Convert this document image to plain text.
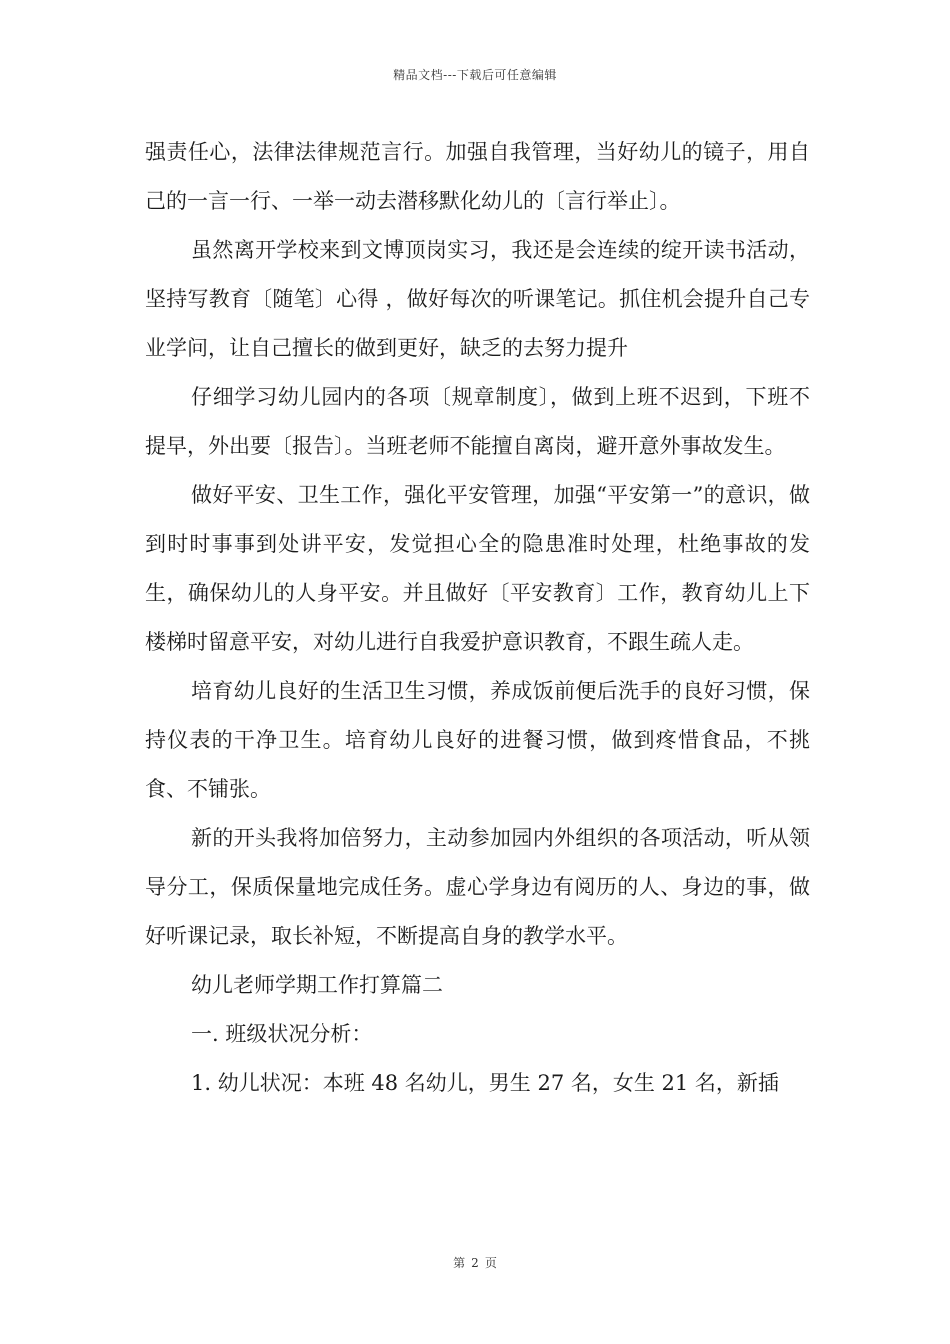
精品文档---下载后可任意编辑

强责任心，法律法律规范言行。加强自我管理，当好幼儿的镜子，用自己的一言一行、一举一动去潜移默化幼儿的〔言行举止〕。

虽然离开学校来到文博顶岗实习，我还是会连续的绽开读书活动，坚持写教育〔随笔〕心得 ，做好每次的听课笔记。抓住机会提升自己专业学问，让自己擅长的做到更好，缺乏的去努力提升

仔细学习幼儿园内的各项〔规章制度〕，做到上班不迟到，下班不提早，外出要〔报告〕。当班老师不能擅自离岗，避开意外事故发生。

做好平安、卫生工作，强化平安管理，加强“平安第一”的意识，做到时时事事到处讲平安，发觉担心全的隐患准时处理，杜绝事故的发生，确保幼儿的人身平安。并且做好〔平安教育〕工作，教育幼儿上下楼梯时留意平安，对幼儿进行自我爱护意识教育，不跟生疏人走。

培育幼儿良好的生活卫生习惯，养成饭前便后洗手的良好习惯，保持仪表的干净卫生。培育幼儿良好的进餐习惯，做到疼惜食品，不挑食、不铺张。

新的开头我将加倍努力，主动参加园内外组织的各项活动，听从领导分工，保质保量地完成任务。虚心学身边有阅历的人、身边的事，做好听课记录，取长补短，不断提高自身的教学水平。

幼儿老师学期工作打算篇二

一. 班级状况分析：

1. 幼儿状况：本班 48 名幼儿，男生 27 名，女生 21 名，新插

第 2 页
